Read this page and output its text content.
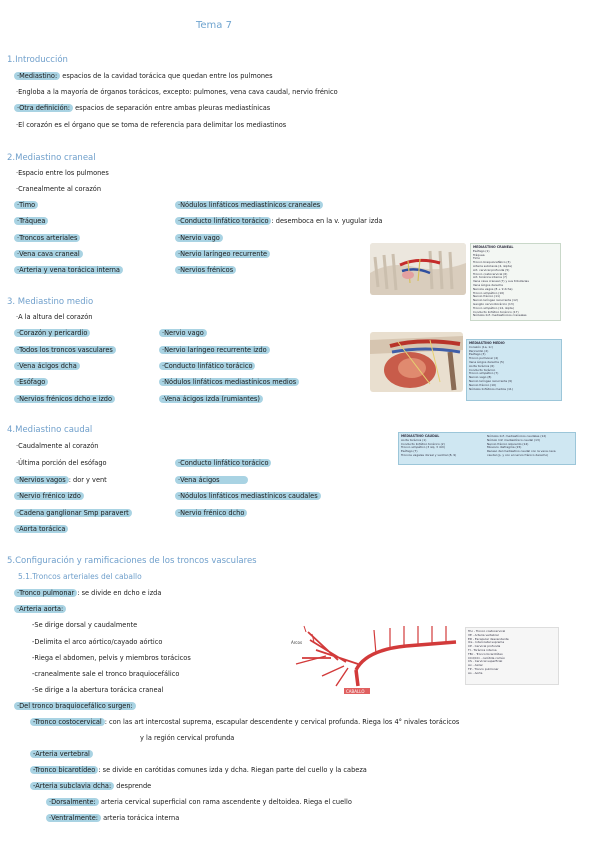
Tema 7
1.Introducción
·Mediastino: espacios de la cavidad torácica que quedan entre los pulmones
·Engloba a la mayoría de órganos torácicos, excepto: pulmones, vena cava caudal, nervio frénico
·Otra definición: espacios de separación entre ambas pleuras mediastínicas
·El corazón es el órgano que se toma de referencia para delimitar los mediastinos
2.Mediastino craneal
·Espacio entre los pulmones
·Cranealmente al corazón
·Timo
·Tráquea
·Troncos arteriales
·Vena cava craneal
·Arteria y vena torácica interna
·Nódulos linfáticos mediastínicos craneales
·Conducto linfático torácico : desemboca en la v. yugular izda
·Nervio vago
·Nervio laríngeo recurrente
·Nervios frénicos
MEDIASTINO CRANEAL
Esófago (1)
Tráquea
Timo
Tronco braquiocefálico (3)
Arteria subclavia (4, izqda)
Art. cervical profunda (5)
Tronco costocervical (6)
Art. torácica interna (7)
Vena cava craneal (7) y sus tributarias
Vena ácigos derecha
Nervios vagos (8 + 9 dcha)
Tronco simpático (10)
Nervio frénico (11)
Nervio laríngeo recurrente (12)
Ganglio cervicotorácico (13)
Tronco simpático (14, izqda)
Conducto linfático torácico (17)
Nódulos linf. mediastínicos craneales
3. Mediastino medio
·A la altura del corazón
·Corazón y pericardio
·Todos los troncos vasculares
·Vena ácigos dcha
·Esófago
·Nervios frénicos dcho e izdo
·Nervio vago
·Nervio laríngeo recurrente izdo
·Conducto linfático torácico
·Nódulos linfáticos mediastínicos medios
·Vena ácigos izda (rumiantes)
MEDIASTINO MEDIO
Corazón (1a, 1c)
Pericardio (2)
Esófago (3)
Tronco pulmonar (4)
Vena ácigos derecha (5)
Aorta torácica (6)
Conducto torácico
Tronco simpático (7)
Nervio vago (8)
Nervio laríngeo recurrente (9)
Nervio frénico (10)
Nódulos linfáticos medios (11)
4.Mediastino caudal
·Caudalmente al corazón
·Última porción del esófago
·Nervios vagos : dor y vent
·Nervio frénico izdo
·Cadena ganglionar Smp paravert
·Aorta torácica
·Conducto linfático torácico
·Vena ácigos
·Nódulos linfáticos mediastínicos caudales
·Nervio frénico dcho
MEDIASTINO CAUDAL
Aorta torácica (1)
Conducto linfático torácico (2)
Tronco simpático (3 izq, 3 dch)
Esófago (7)
Troncos vagales dorsal y ventral (8, 9)
Nódulos linf. mediastínicos caudales (12)
Nódulo linf. mediastínico caudal (13)
Nervio frénico izquierdo (14)
Músculo diafragma (15)
Receso del mediastino caudal con la vena cava
caudal (p, y con el nervio frénico derecho)
5.Configuración y ramificaciones de los troncos vasculares
5.1.Troncos arteriales del caballo
·Tronco pulmonar : se divide en dcho e izda
·Arteria aorta:
-Se dirige dorsal y caudalmente
-Delimita el arco aórtico/cayado aórtico
-Riega el abdomen, pelvis y miembros torácicos
-cranealmente sale el tronco braquiocefálico
-Se dirige a la abertura torácica craneal
·Del tronco braquiocefálico surgen:
-Tronco costocervical : con las art intercostal suprema, escapular descendente y cervical profunda. Riega los 4° nivales torácicos
y la región cervical profunda
-Arteria vertebral
-Tronco bicarotídeo : se divide en carótidas comunes izda y dcha. Riegan parte del cuello y la cabeza
-Arteria subclavia dcha: desprende
·Dorsalmente: arteria cervical superficial con rama ascendente y deltoidea. Riega el cuello
·Ventralmente: arteria torácica interna
Arcos
CABALLO
TrLi - Tronco costocervical
VE - Arteria vertebral
ED - Escapular descendente
ICs - Intercostal suprema
CP - Cervical profunda
TI - Torácica interna
TBc - Tronco bicarotídeo
CCd/CCi - carótida común
CS - Cervical superficial
Ax - Axilar
TP - Tronco pulmonar
Ao - Aorta
